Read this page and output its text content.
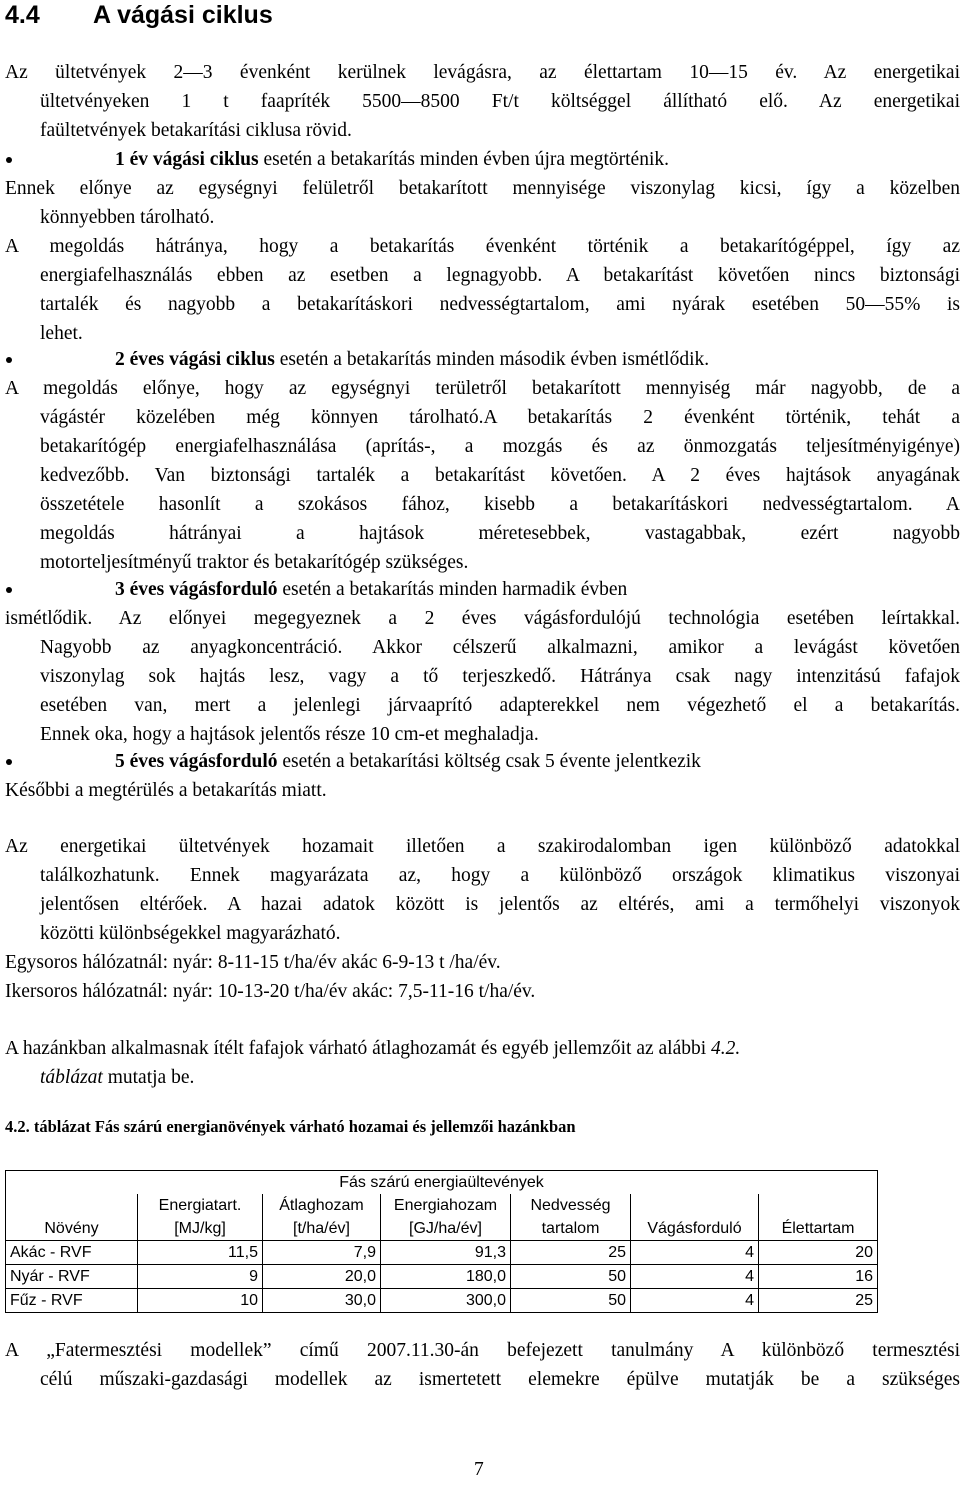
4.4 A vágási ciklus
Az ültetvények 2—3 évenként kerülnek levágásra, az élettartam 10—15 év. Az energetikai
ültetvényeken 1 t faapríték 5500—8500 Ft/t költséggel állítható elő. Az energetikai
faültetvények betakarítási ciklusa rövid.
1 év vágási ciklus esetén a betakarítás minden évben újra megtörténik.
Ennek előnye az egységnyi felületről betakarított mennyisége viszonylag kicsi, így a közelben
könnyebben tárolható.
A megoldás hátránya, hogy a betakarítás évenként történik a betakarítógéppel, így az
energiafelhasználás ebben az esetben a legnagyobb. A betakarítást követően nincs biztonsági
tartalék és nagyobb a betakarításkori nedvességtartalom, ami nyárak esetében 50—55% is
lehet.
2 éves vágási ciklus esetén a betakarítás minden második évben ismétlődik.
A megoldás előnye, hogy az egységnyi területről betakarított mennyiség már nagyobb, de a
vágástér közelében még könnyen tárolható.A betakarítás 2 évenként történik, tehát a
betakarítógép energiafelhasználása (aprítás-, a mozgás és az önmozgatás teljesítményigénye)
kedvezőbb. Van biztonsági tartalék a betakarítást követően. A 2 éves hajtások anyagának
összetétele hasonlít a szokásos fához, kisebb a betakarításkori nedvességtartalom. A
megoldás hátrányai a hajtások méretesebbek, vastagabbak, ezért nagyobb
motorteljesítményű traktor és betakarítógép szükséges.
3 éves vágásforduló esetén a betakarítás minden harmadik évben
ismétlődik. Az előnyei megegyeznek a 2 éves vágásfordulójú technológia esetében leírtakkal.
Nagyobb az anyagkoncentráció. Akkor célszerű alkalmazni, amikor a levágást követően
viszonylag sok hajtás lesz, vagy a tő terjeszkedő. Hátránya csak nagy intenzitású fafajok
esetében van, mert a jelenlegi járvaaprító adapterekkel nem végezhető el a betakarítás.
Ennek oka, hogy a hajtások jelentős része 10 cm-et meghaladja.
5 éves vágásforduló esetén a betakarítási költség csak 5 évente jelentkezik
Későbbi a megtérülés a betakarítás miatt.
Az energetikai ültetvények hozamait illetően a szakirodalomban igen különböző adatokkal
találkozhatunk. Ennek magyarázata az, hogy a különböző országok klimatikus viszonyai
jelentősen eltérőek. A hazai adatok között is jelentős az eltérés, ami a termőhelyi viszonyok
közötti különbségekkel magyarázható.
Egysoros hálózatnál: nyár: 8-11-15 t/ha/év akác 6-9-13 t /ha/év.
Ikersoros hálózatnál: nyár: 10-13-20 t/ha/év akác: 7,5-11-16 t/ha/év.
A hazánkban alkalmasnak ítélt fafajok várható átlaghozamát és egyéb jellemzőit az alábbi 4.2.
táblázat mutatja be.
4.2. táblázat Fás szárú energianövények várható hozamai és jellemzői hazánkban
Fás szárú energiaültevények						
	Energiatart.	Átlaghozam	Energiahozam	Nedvesség		
Növény	[MJ/kg]	[t/ha/év]	[GJ/ha/év]	tartalom	Vágásforduló	Élettartam
Akác - RVF	11,5	7,9	91,3	25	4	20
Nyár - RVF	9	20,0	180,0	50	4	16
Fűz - RVF	10	30,0	300,0	50	4	25
A „Fatermesztési modellek” című 2007.11.30-án befejezett tanulmány A különböző termesztési
célú műszaki-gazdasági modellek az ismertetett elemekre épülve mutatják be a szükséges
7
